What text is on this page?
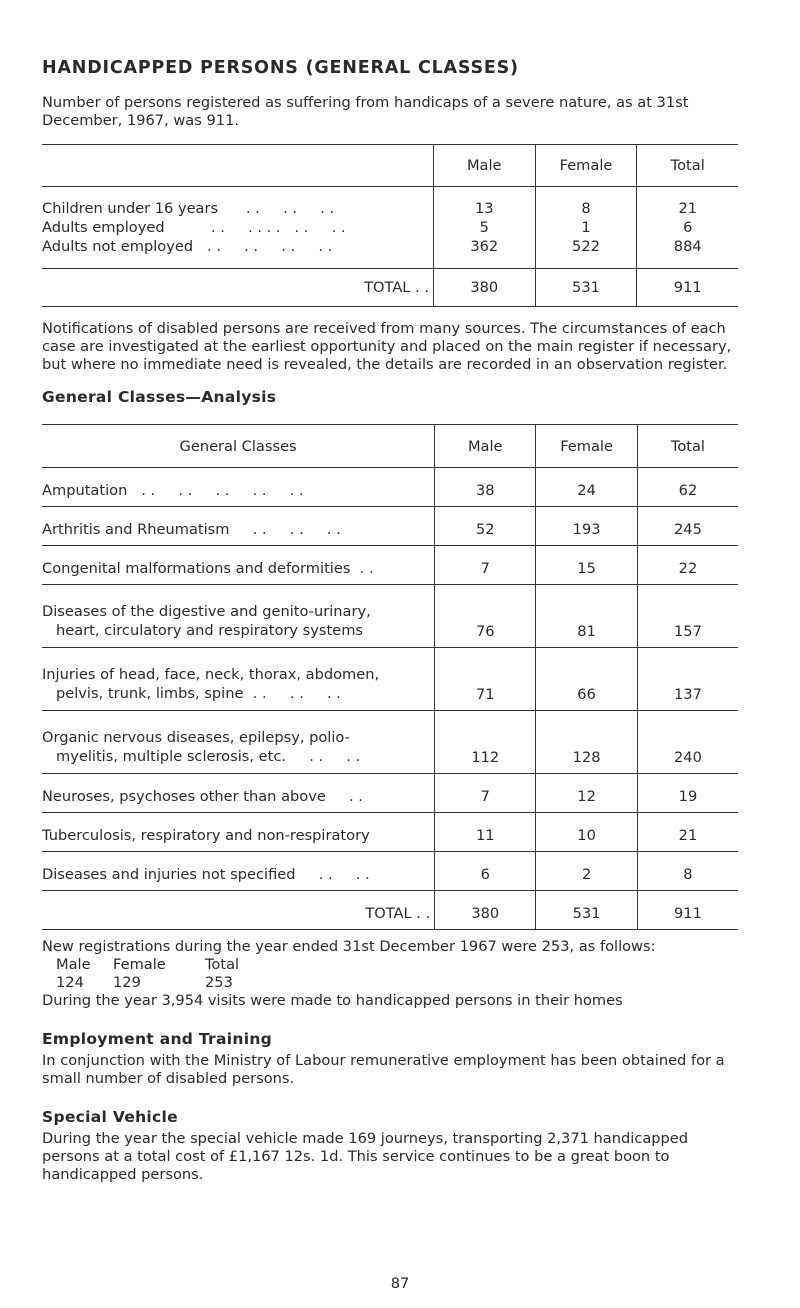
HANDICAPPED PERSONS (GENERAL CLASSES)

Number of persons registered as suffering from handicaps of a severe nature, as at 31st December, 1967, was 911.

	Male	Female	Total
Children under 16 years . .     . .     . .	13	8	21
Adults employed . .     . . . .   . .     . .	5	1	6
Adults not employed . .     . .     . .     . .	362	522	884
TOTAL . .	380	531	911

Notifications of disabled persons are received from many sources. The circumstances of each case are investigated at the earliest opportunity and placed on the main register if necessary, but where no immediate need is revealed, the details are recorded in an observation register.

General Classes—Analysis
General Classes	Male	Female	Total
Amputation   . .     . .     . .     . .     . .	38	24	62
Arthritis and Rheumatism     . .     . .     . .	52	193	245
Congenital malformations and deformities  . .	7	15	22

Diseases of the digestive and genito-urinary,
heart, circulatory and respiratory systems	76	81	157

Injuries of head, face, neck, thorax, abdomen,
pelvis, trunk, limbs, spine  . .     . .     . .	71	66	137

Organic nervous diseases, epilepsy, polio-
myelitis, multiple sclerosis, etc.     . .     . .	112	128	240
Neuroses, psychoses other than above     . .	7	12	19
Tuberculosis, respiratory and non-respiratory	11	10	21
Diseases and injuries not specified     . .     . .	6	2	8
TOTAL . .	380	531	911

New registrations during the year ended 31st December 1967 were 253, as follows:

Male	Female	Total
124	129	253

During the year 3,954 visits were made to handicapped persons in their homes

Employment and Training

In conjunction with the Ministry of Labour remunerative employment has been obtained for a small number of disabled persons.

Special Vehicle

During the year the special vehicle made 169 journeys, transporting 2,371 handicapped persons at a total cost of £1,167 12s. 1d. This service continues to be a great boon to handicapped persons.

87
